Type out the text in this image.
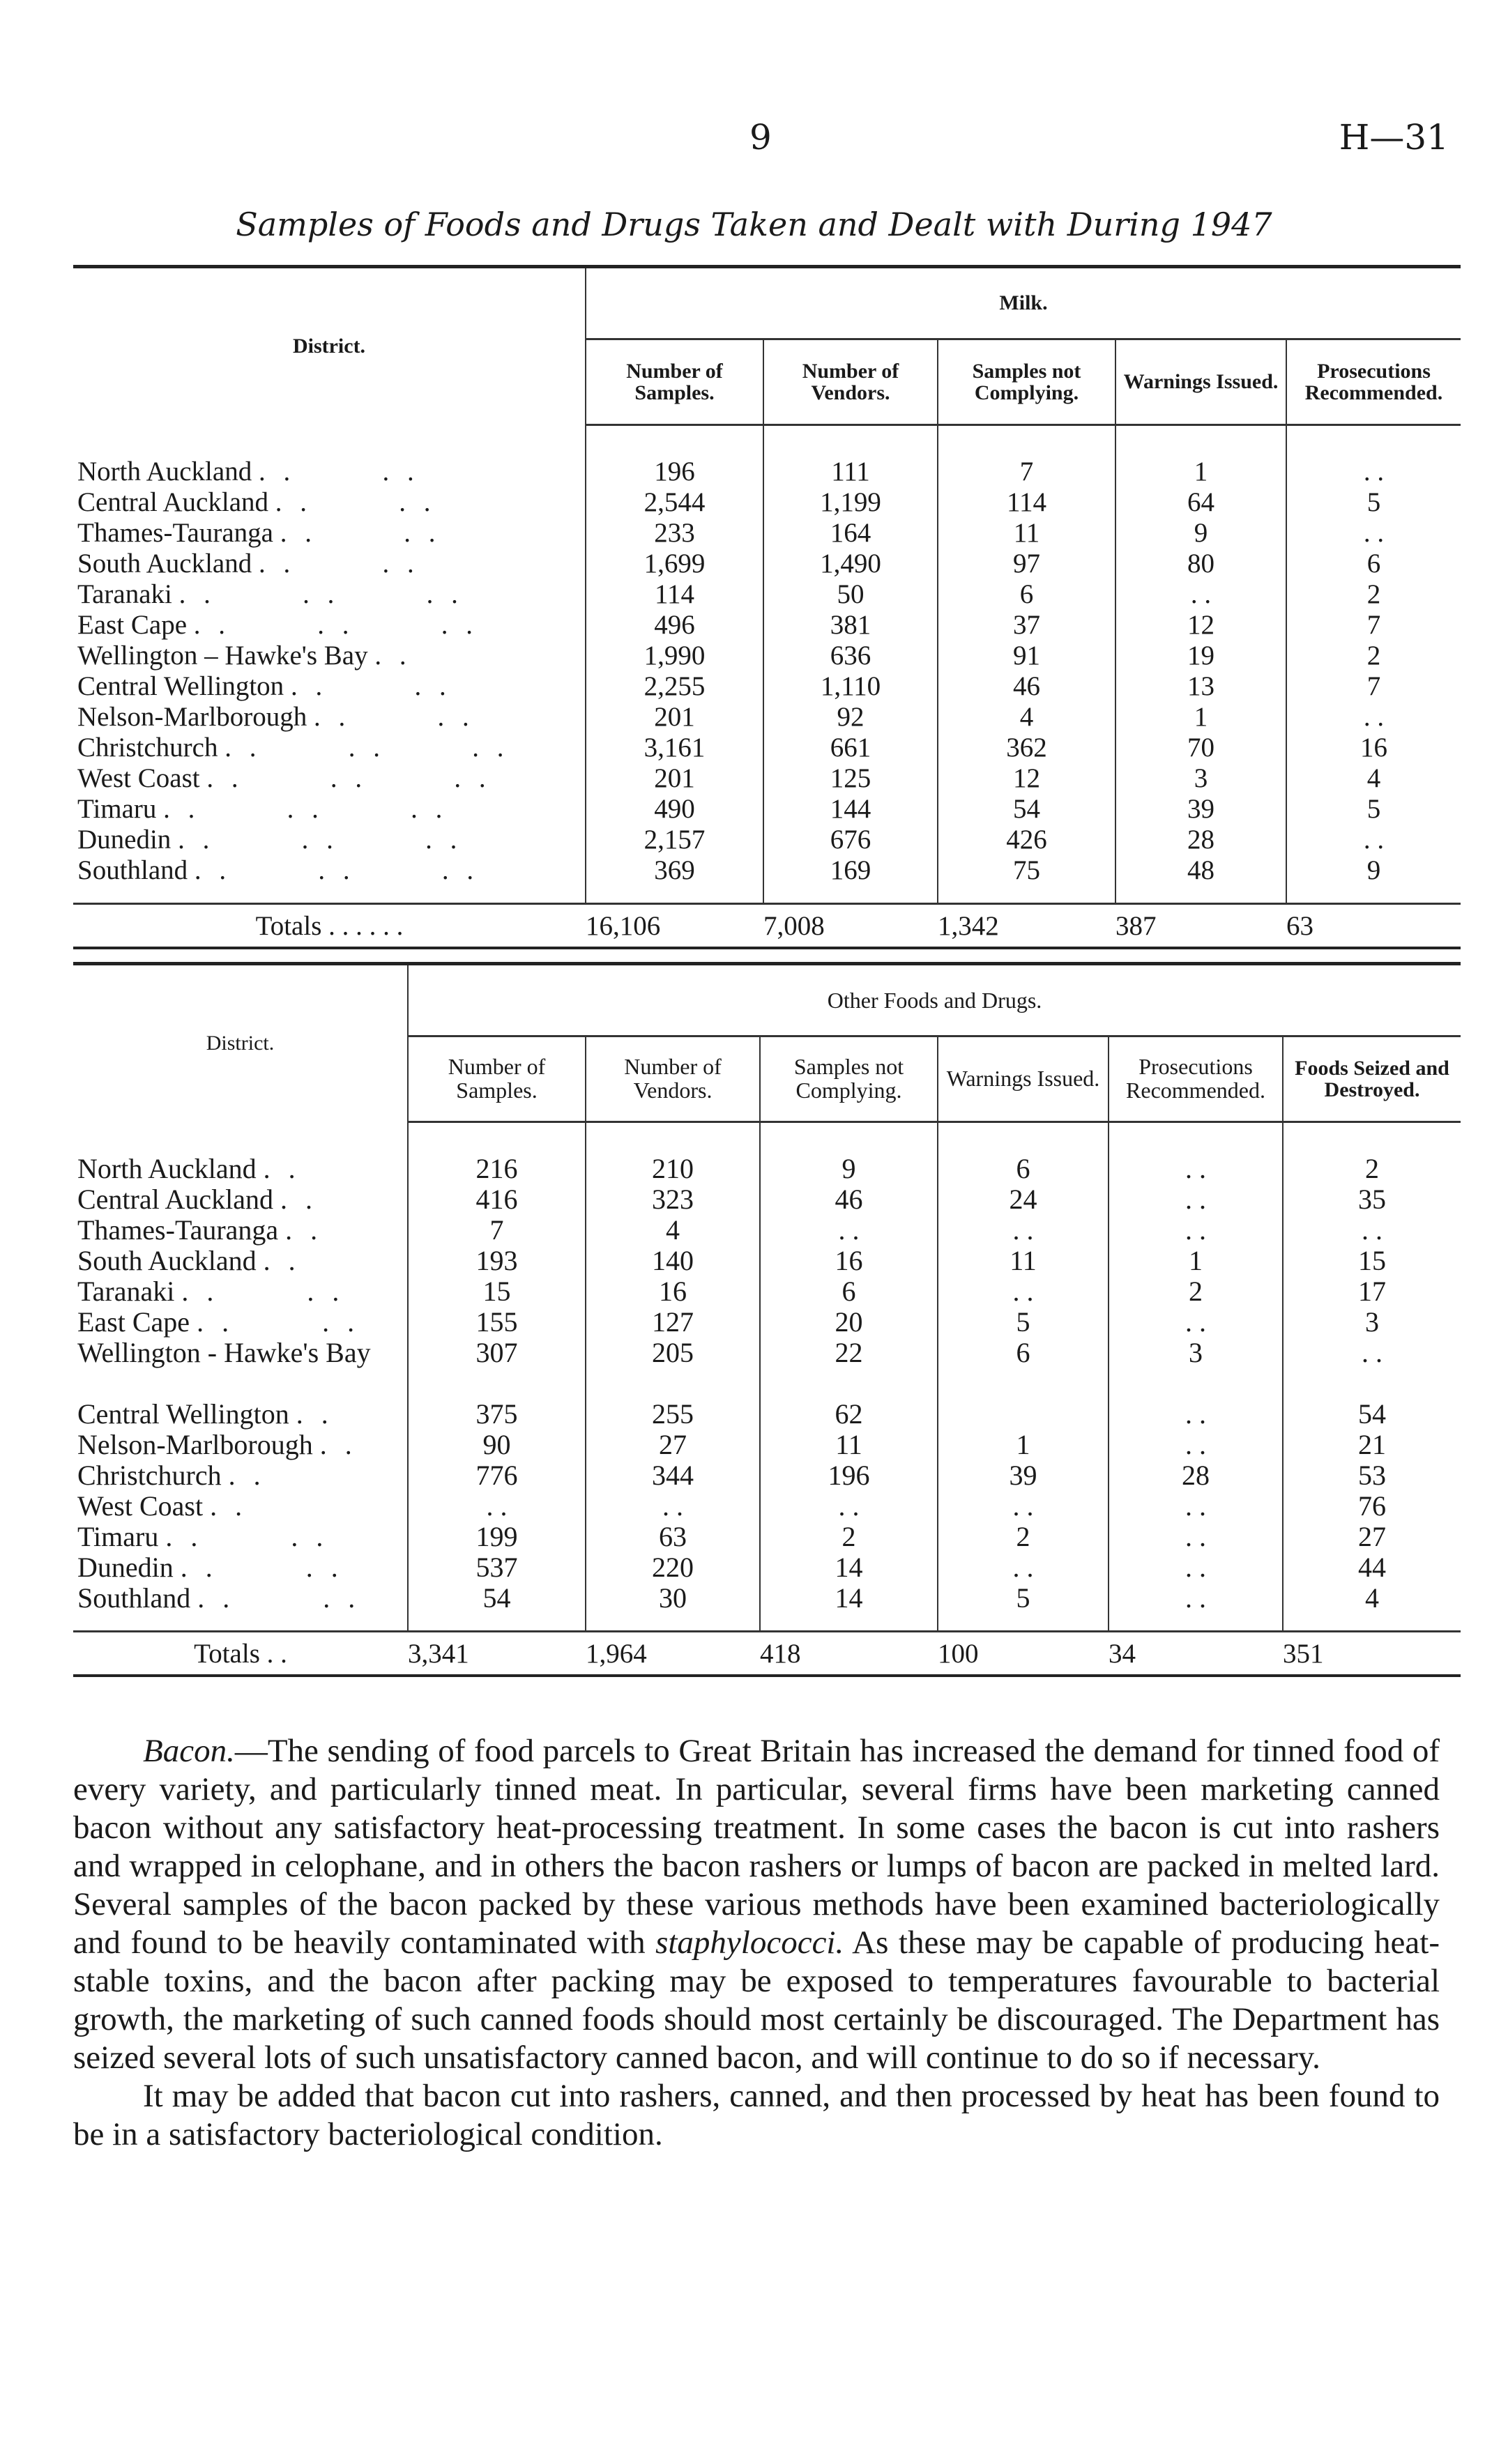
9	H—31
Samples of Foods and Drugs Taken and Dealt with During 1947
District.	Milk.				
	Number of Samples.	Number of Vendors.	Samples not Complying.	Warnings Issued.	Prosecutions Recommended.

North Auckland . .       . .	196	111	7	1	. .
Central Auckland . .       . .	2,544	1,199	114	64	5
Thames-Tauranga . .       . .	233	164	11	9	. .
South Auckland . .       . .	1,699	1,490	97	80	6
Taranaki . .       . .       . .	114	50	6	. .	2
East Cape . .       . .       . .	496	381	37	12	7
Wellington – Hawke's Bay . .	1,990	636	91	19	2
Central Wellington . .       . .	2,255	1,110	46	13	7
Nelson-Marlborough . .       . .	201	92	4	1	. .
Christchurch . .       . .       . .	3,161	661	362	70	16
West Coast . .       . .       . .	201	125	12	3	4
Timaru . .       . .       . .	490	144	54	39	5
Dunedin . .       . .       . .	2,157	676	426	28	. .
Southland . .       . .       . .	369	169	75	48	9

Totals . . . . . .	16,106	7,008	1,342	387	63
District.	Other Foods and Drugs.					
	Number of Samples.	Number of Vendors.	Samples not Complying.	Warnings Issued.	Prosecutions Recommended.	Foods Seized and Destroyed.

North Auckland . .	216	210	9	6	. .	2
Central Auckland . .	416	323	46	24	. .	35
Thames-Tauranga . .	7	4	. .	. .	. .	. .
South Auckland . .	193	140	16	11	1	15
Taranaki . .       . .	15	16	6	. .	2	17
East Cape . .       . .	155	127	20	5	. .	3
Wellington - Hawke's Bay	307	205	22	6	3	. .
Central Wellington . .	375	255	62		. .	54
Nelson-Marlborough . .	90	27	11	1	. .	21
Christchurch . .	776	344	196	39	28	53
West Coast . .	. .	. .	. .	. .	. .	76
Timaru . .       . .	199	63	2	2	. .	27
Dunedin . .       . .	537	220	14	. .	. .	44
Southland . .       . .	54	30	14	5	. .	4

Totals . .	3,341	1,964	418	100	34	351

Bacon.—The sending of food parcels to Great Britain has increased the demand for tinned food of every variety, and particularly tinned meat. In particular, several firms have been marketing canned bacon without any satisfactory heat-processing treatment. In some cases the bacon is cut into rashers and wrapped in celophane, and in others the bacon rashers or lumps of bacon are packed in melted lard. Several samples of the bacon packed by these various methods have been examined bacteriologically and found to be heavily contaminated with staphylococci. As these may be capable of producing heat-stable toxins, and the bacon after packing may be exposed to temperatures favourable to bacterial growth, the marketing of such canned foods should most certainly be discouraged. The Department has seized several lots of such unsatisfactory canned bacon, and will continue to do so if necessary.

It may be added that bacon cut into rashers, canned, and then processed by heat has been found to be in a satisfactory bacteriological condition.
